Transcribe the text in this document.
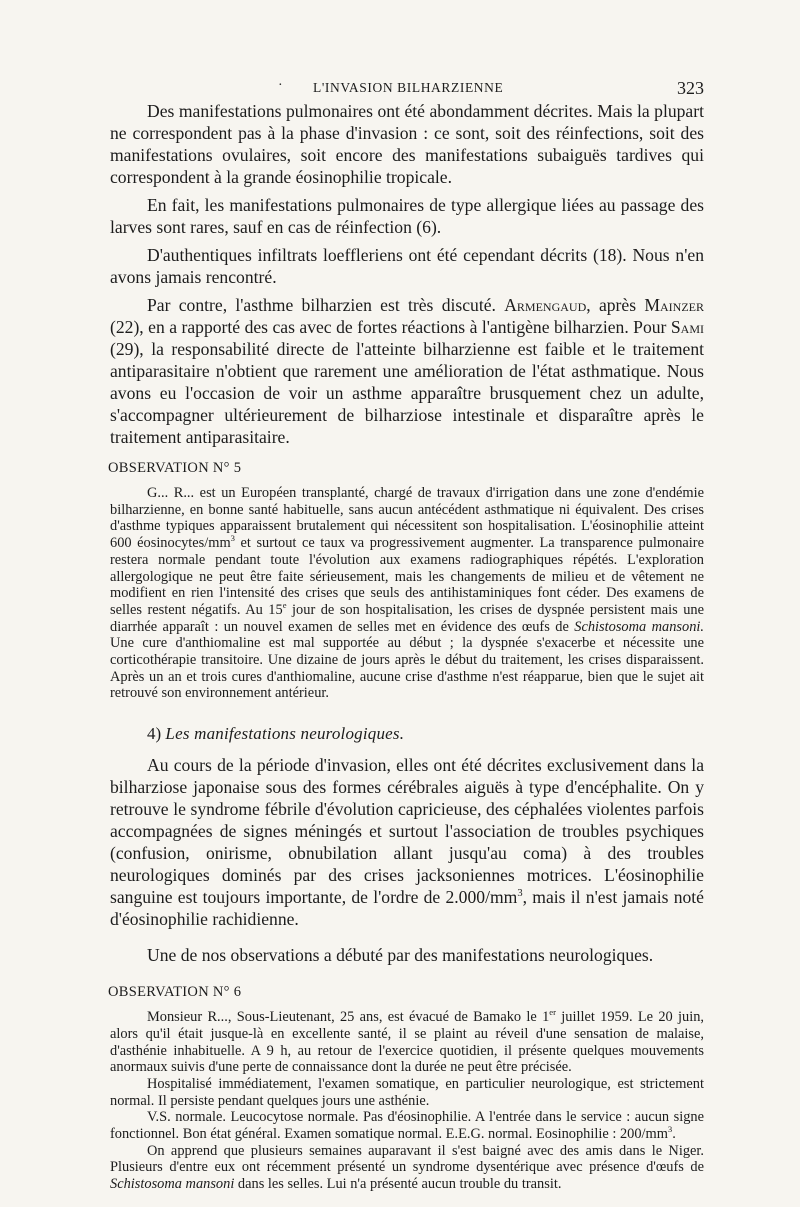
· L'INVASION BILHARZIENNE	323

Des manifestations pulmonaires ont été abondamment décrites. Mais la plupart ne correspondent pas à la phase d'invasion : ce sont, soit des réinfections, soit des manifestations ovulaires, soit encore des manifestations subaiguës tardives qui correspondent à la grande éosinophilie tropicale.

En fait, les manifestations pulmonaires de type allergique liées au passage des larves sont rares, sauf en cas de réinfection (6).

D'authentiques infiltrats loeffleriens ont été cependant décrits (18). Nous n'en avons jamais rencontré.

Par contre, l'asthme bilharzien est très discuté. Armengaud, après Mainzer (22), en a rapporté des cas avec de fortes réactions à l'antigène bilharzien. Pour Sami (29), la responsabilité directe de l'atteinte bilharzienne est faible et le traitement antiparasitaire n'obtient que rarement une amélioration de l'état asthmatique. Nous avons eu l'occasion de voir un asthme apparaître brusquement chez un adulte, s'accompagner ultérieurement de bilharziose intestinale et disparaître après le traitement antiparasitaire.

OBSERVATION N° 5

G... R... est un Européen transplanté, chargé de travaux d'irrigation dans une zone d'endémie bilharzienne, en bonne santé habituelle, sans aucun antécédent asthmatique ni équivalent. Des crises d'asthme typiques apparaissent brutalement qui nécessitent son hospitalisation. L'éosinophilie atteint 600 éosinocytes/$mm^3$ et surtout ce taux va progressivement augmenter. La transparence pulmonaire restera normale pendant toute l'évolution aux examens radiographiques répétés. L'exploration allergologique ne peut être faite sérieusement, mais les changements de milieu et de vêtement ne modifient en rien l'intensité des crises que seuls des antihistaminiques font céder. Des examens de selles restent négatifs. Au 15e jour de son hospitalisation, les crises de dyspnée persistent mais une diarrhée apparaît : un nouvel examen de selles met en évidence des œufs de Schistosoma mansoni. Une cure d'anthiomaline est mal supportée au début ; la dyspnée s'exacerbe et nécessite une corticothérapie transitoire. Une dizaine de jours après le début du traitement, les crises disparaissent. Après un an et trois cures d'anthiomaline, aucune crise d'asthme n'est réapparue, bien que le sujet ait retrouvé son environnement antérieur.

4) Les manifestations neurologiques.

Au cours de la période d'invasion, elles ont été décrites exclusivement dans la bilharziose japonaise sous des formes cérébrales aiguës à type d'encéphalite. On y retrouve le syndrome fébrile d'évolution capricieuse, des céphalées violentes parfois accompagnées de signes méningés et surtout l'association de troubles psychiques (confusion, onirisme, obnubilation allant jusqu'au coma) à des troubles neurologiques dominés par des crises jacksoniennes motrices. L'éosinophilie sanguine est toujours importante, de l'ordre de $2.000/mm^3$, mais il n'est jamais noté d'éosinophilie rachidienne.

Une de nos observations a débuté par des manifestations neurologiques.

OBSERVATION N° 6

Monsieur R..., Sous-Lieutenant, 25 ans, est évacué de Bamako le 1er juillet 1959. Le 20 juin, alors qu'il était jusque-là en excellente santé, il se plaint au réveil d'une sensation de malaise, d'asthénie inhabituelle. A 9 h, au retour de l'exercice quotidien, il présente quelques mouvements anormaux suivis d'une perte de connaissance dont la durée ne peut être précisée.

Hospitalisé immédiatement, l'examen somatique, en particulier neurologique, est strictement normal. Il persiste pendant quelques jours une asthénie.

V.S. normale. Leucocytose normale. Pas d'éosinophilie. A l'entrée dans le service : aucun signe fonctionnel. Bon état général. Examen somatique normal. E.E.G. normal. Eosinophilie : $200/mm^3$.

On apprend que plusieurs semaines auparavant il s'est baigné avec des amis dans le Niger. Plusieurs d'entre eux ont récemment présenté un syndrome dysentérique avec présence d'œufs de Schistosoma mansoni dans les selles. Lui n'a présenté aucun trouble du transit.
